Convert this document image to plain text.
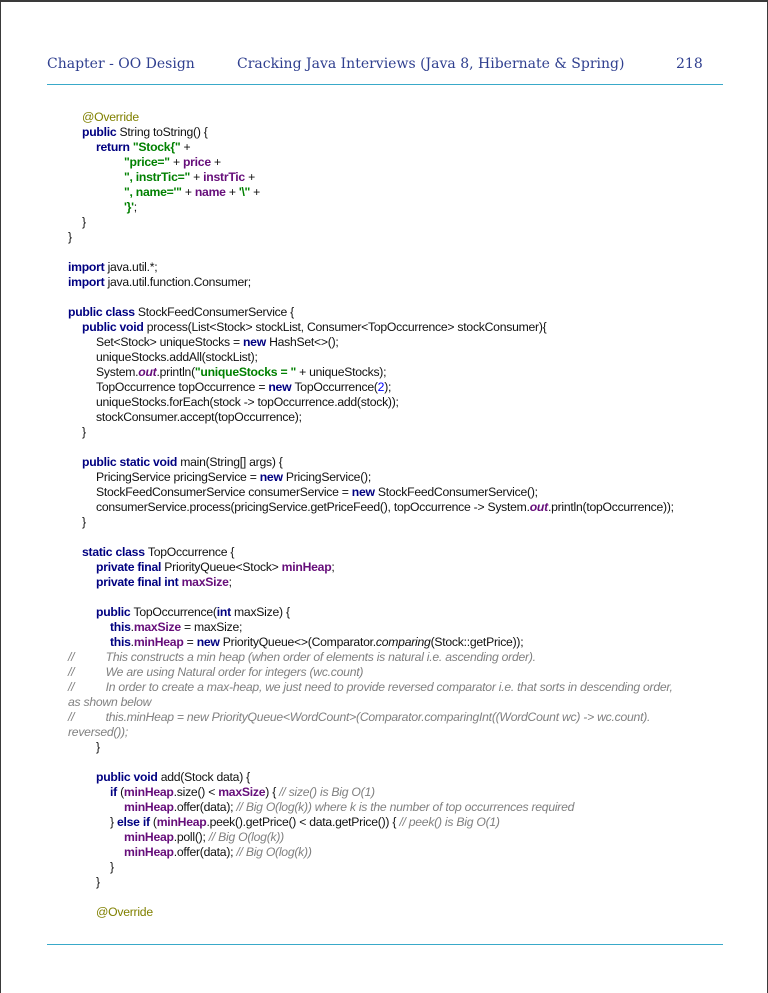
Chapter - OO Design	Cracking Java Interviews (Java 8, Hibernate & Spring)	218
@Override
public String toString() {
return "Stock{" +
"price=" + price +
", instrTic=" + instrTic +
", name='" + name + '\'' +
'}';
}
}
import java.util.*;
import java.util.function.Consumer;
public class StockFeedConsumerService {
public void process(List<Stock> stockList, Consumer<TopOccurrence> stockConsumer){
Set<Stock> uniqueStocks = new HashSet<>();
uniqueStocks.addAll(stockList);
System.out.println("uniqueStocks = " + uniqueStocks);
TopOccurrence topOccurrence = new TopOccurrence(2);
uniqueStocks.forEach(stock -> topOccurrence.add(stock));
stockConsumer.accept(topOccurrence);
}
public static void main(String[] args) {
PricingService pricingService = new PricingService();
StockFeedConsumerService consumerService = new StockFeedConsumerService();
consumerService.process(pricingService.getPriceFeed(), topOccurrence -> System.out.println(topOccurrence));
}
static class TopOccurrence {
private final PriorityQueue<Stock> minHeap;
private final int maxSize;
public TopOccurrence(int maxSize) {
this.maxSize = maxSize;
this.minHeap = new PriorityQueue<>(Comparator.comparing(Stock::getPrice));
//          This constructs a min heap (when order of elements is natural i.e. ascending order).
//          We are using Natural order for integers (wc.count)
//          In order to create a max-heap, we just need to provide reversed comparator i.e. that sorts in descending order,
as shown below
//          this.minHeap = new PriorityQueue<WordCount>(Comparator.comparingInt((WordCount wc) -> wc.count).
reversed());
}
public void add(Stock data) {
if (minHeap.size() < maxSize) { // size() is Big O(1)
minHeap.offer(data); // Big O(log(k)) where k is the number of top occurrences required
} else if (minHeap.peek().getPrice() < data.getPrice()) { // peek() is Big O(1)
minHeap.poll(); // Big O(log(k))
minHeap.offer(data); // Big O(log(k))
}
}
@Override
